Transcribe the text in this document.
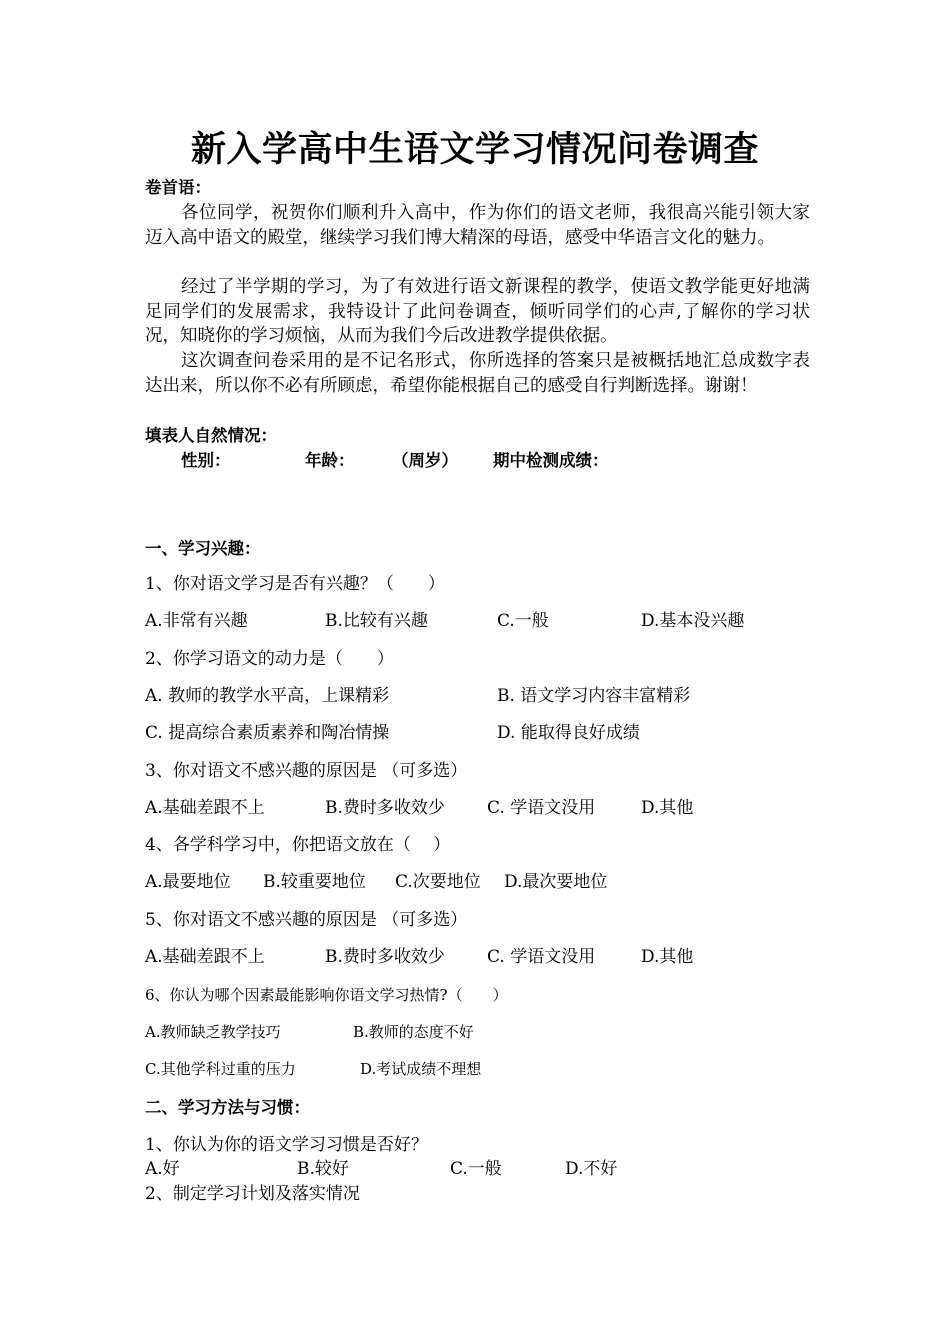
新入学高中生语文学习情况问卷调查
卷首语：
各位同学，祝贺你们顺利升入高中，作为你们的语文老师，我很高兴能引领大家迈入高中语文的殿堂，继续学习我们博大精深的母语，感受中华语言文化的魅力。
经过了半学期的学习，为了有效进行语文新课程的教学，使语文教学能更好地满足同学们的发展需求，我特设计了此问卷调查，倾听同学们的心声,了解你的学习状况，知晓你的学习烦恼，从而为我们今后改进教学提供依据。
这次调查问卷采用的是不记名形式，你所选择的答案只是被概括地汇总成数字表达出来，所以你不必有所顾虑，希望你能根据自己的感受自行判断选择。谢谢！
填表人自然情况：
性别：	年龄： （周岁） 期中检测成绩：
一、学习兴趣：
1、你对语文学习是否有兴趣？（　　）
A.非常有兴趣	B.比较有兴趣	C.一般	D.基本没兴趣
2、你学习语文的动力是（　　）
A. 教师的教学水平高，上课精彩	B. 语文学习内容丰富精彩
C. 提高综合素质素养和陶冶情操	D. 能取得良好成绩
3、你对语文不感兴趣的原因是 （可多选）
A.基础差跟不上	B.费时多收效少 C. 学语文没用	D.其他
4、各学科学习中，你把语文放在（　 ）
A.最要地位 B.较重要地位 C.次要地位 D.最次要地位
5、你对语文不感兴趣的原因是 （可多选）
A.基础差跟不上	B.费时多收效少 C. 学语文没用	D.其他
6、你认为哪个因素最能影响你语文学习热情?（　　）
A.教师缺乏教学技巧	B.教师的态度不好
C.其他学科过重的压力	D.考试成绩不理想
二、学习方法与习惯：
1、你认为你的语文学习习惯是否好？
A.好	B.较好	C.一般	D.不好
2、制定学习计划及落实情况
